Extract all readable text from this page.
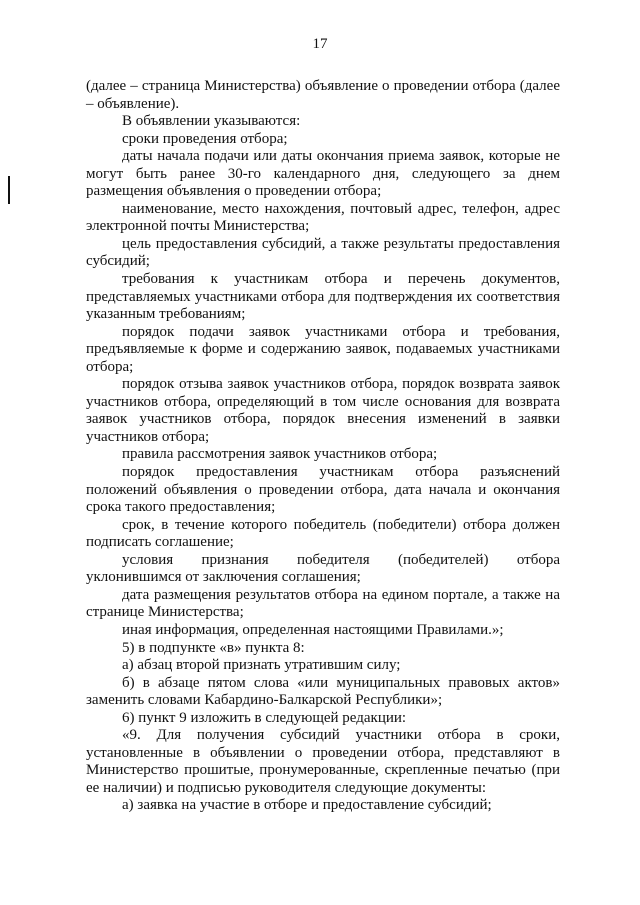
17

(далее – страница Министерства) объявление о проведении отбора (далее – объявление).

В объявлении указываются:

сроки проведения отбора;

даты начала подачи или даты окончания приема заявок, которые не могут быть ранее 30-го календарного дня, следующего за днем размещения объявления о проведении отбора;

наименование, место нахождения, почтовый адрес, телефон, адрес электронной почты Министерства;

цель предоставления субсидий, а также результаты предоставления субсидий;

требования к участникам отбора и перечень документов, представляемых участниками отбора для подтверждения их соответствия указанным требованиям;

порядок подачи заявок участниками отбора и требования, предъявляемые к форме и содержанию заявок, подаваемых участниками отбора;

порядок отзыва заявок участников отбора, порядок возврата заявок участников отбора, определяющий в том числе основания для возврата заявок участников отбора, порядок внесения изменений в заявки участников отбора;

правила рассмотрения заявок участников отбора;

порядок предоставления участникам отбора разъяснений положений объявления о проведении отбора, дата начала и окончания срока такого предоставления;

срок, в течение которого победитель (победители) отбора должен подписать соглашение;

условия признания победителя (победителей) отбора уклонившимся от заключения соглашения;

дата размещения результатов отбора на едином портале, а также на странице Министерства;

иная информация, определенная настоящими Правилами.»;

5) в подпункте «в» пункта 8:

а) абзац второй признать утратившим силу;

б) в абзаце пятом слова «или муниципальных правовых актов» заменить словами Кабардино-Балкарской Республики»;

6) пункт 9 изложить в следующей редакции:

«9. Для получения субсидий участники отбора в сроки, установленные в объявлении о проведении отбора, представляют в Министерство прошитые, пронумерованные, скрепленные печатью (при ее наличии) и подписью руководителя следующие документы:

а) заявка на участие в отборе и предоставление субсидий;
